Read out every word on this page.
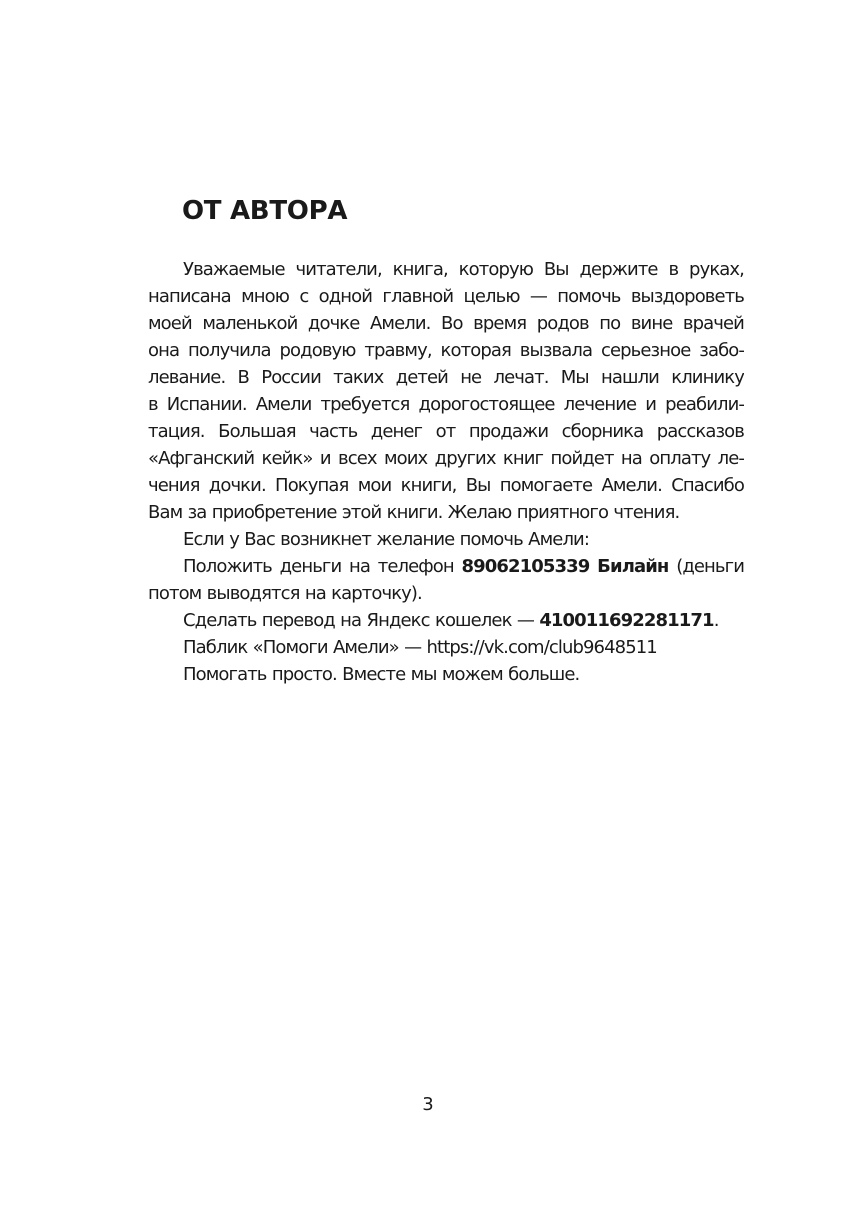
ОТ АВТОРА
Уважаемые читатели, книга, которую Вы держите в руках,
написана мною с одной главной целью — помочь выздороветь
моей маленькой дочке Амели. Во время родов по вине врачей
она получила родовую травму, которая вызвала серьезное забо-
левание. В России таких детей не лечат. Мы нашли клинику
в Испании. Амели требуется дорогостоящее лечение и реабили-
тация. Большая часть денег от продажи сборника рассказов
«Афганский кейк» и всех моих других книг пойдет на оплату ле-
чения дочки. Покупая мои книги, Вы помогаете Амели. Спасибо
Вам за приобретение этой книги. Желаю приятного чтения.
Если у Вас возникнет желание помочь Амели:
Положить деньги на телефон 89062105339 Билайн (деньги
потом выводятся на карточку).
Сделать перевод на Яндекс кошелек — 410011692281171.
Паблик «Помоги Амели» — https://vk.com/club9648511
Помогать просто. Вместе мы можем больше.
3
